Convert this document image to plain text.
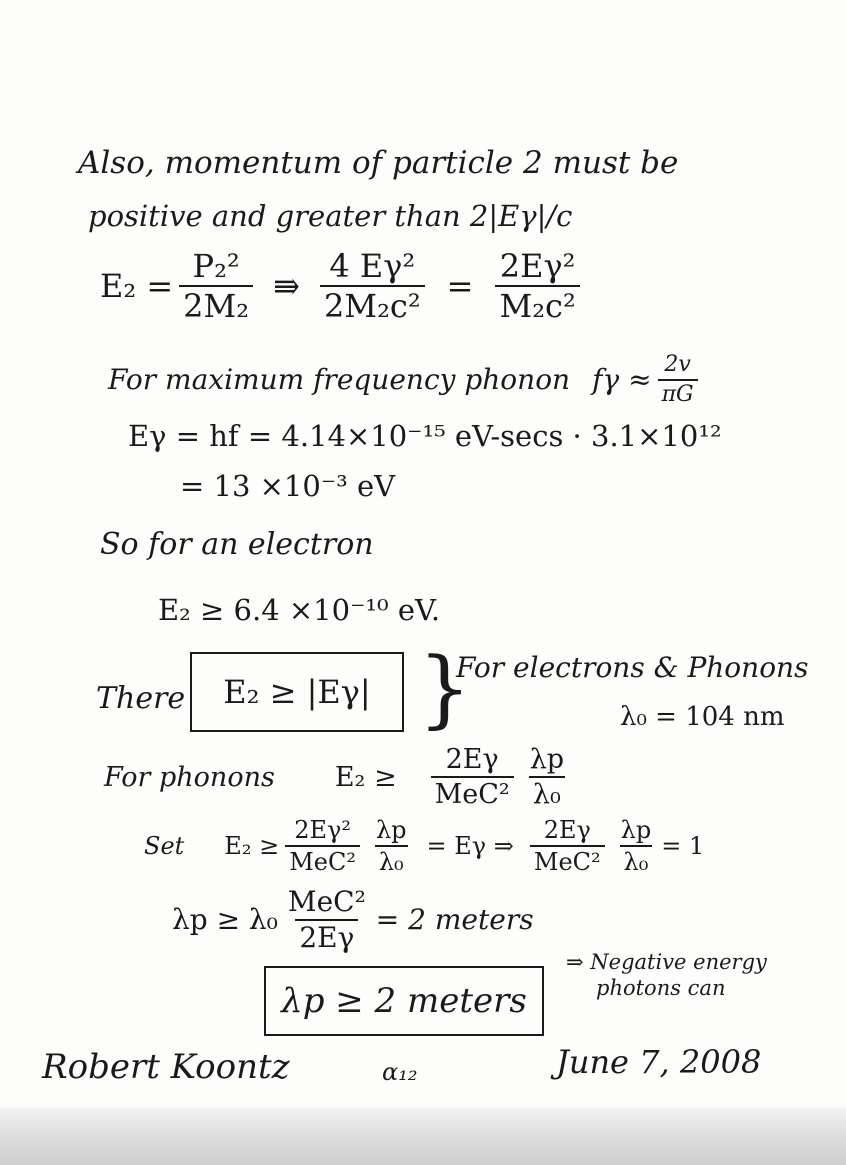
Also, momentum of particle 2 must be
positive and greater than 2|Eγ|/c
$E_2 = \frac{\text{P₂²}}{\text{2M₂}}$ ⇛ $\frac{\text{4 Eγ²}}{\text{2M₂c²}} = \frac{\text{2Eγ²}}{\text{M₂c²}}$
For maximum frequency phonon $f\gamma \approx \frac{2v}{\pi G}$
Eγ = hf = 4.14×10⁻¹⁵ eV-secs · 3.1×10¹²
= 13 ×10⁻³ eV
So for an electron
E₂ ≥ 6.4 ×10⁻¹⁰ eV.
There E₂ ≥ |Eγ| }
For electrons & Phonons
λ₀ = 104 nm
For phonons $E_2 \ge \frac{2E\gamma}{\text{MeC²}} \frac{\lambda p}{\text{λ₀}}$
Set $E_2 \ge \frac{\text{2Eγ²}}{\text{MeC²}} \frac{\lambda p}{\text{λ₀}} = E\gamma$ ⇒ $\frac{2E\gamma}{\text{MeC²}} \frac{\lambda p}{\text{λ₀}} = 1$
$\lambda p \ge \lambda_0 \frac{\text{MeC²}}{2E\gamma} = 2$ meters
λp ≥ 2 meters
⇒ Negative energy
photons can
Robert Koontz	α₁₂	June 7, 2008
